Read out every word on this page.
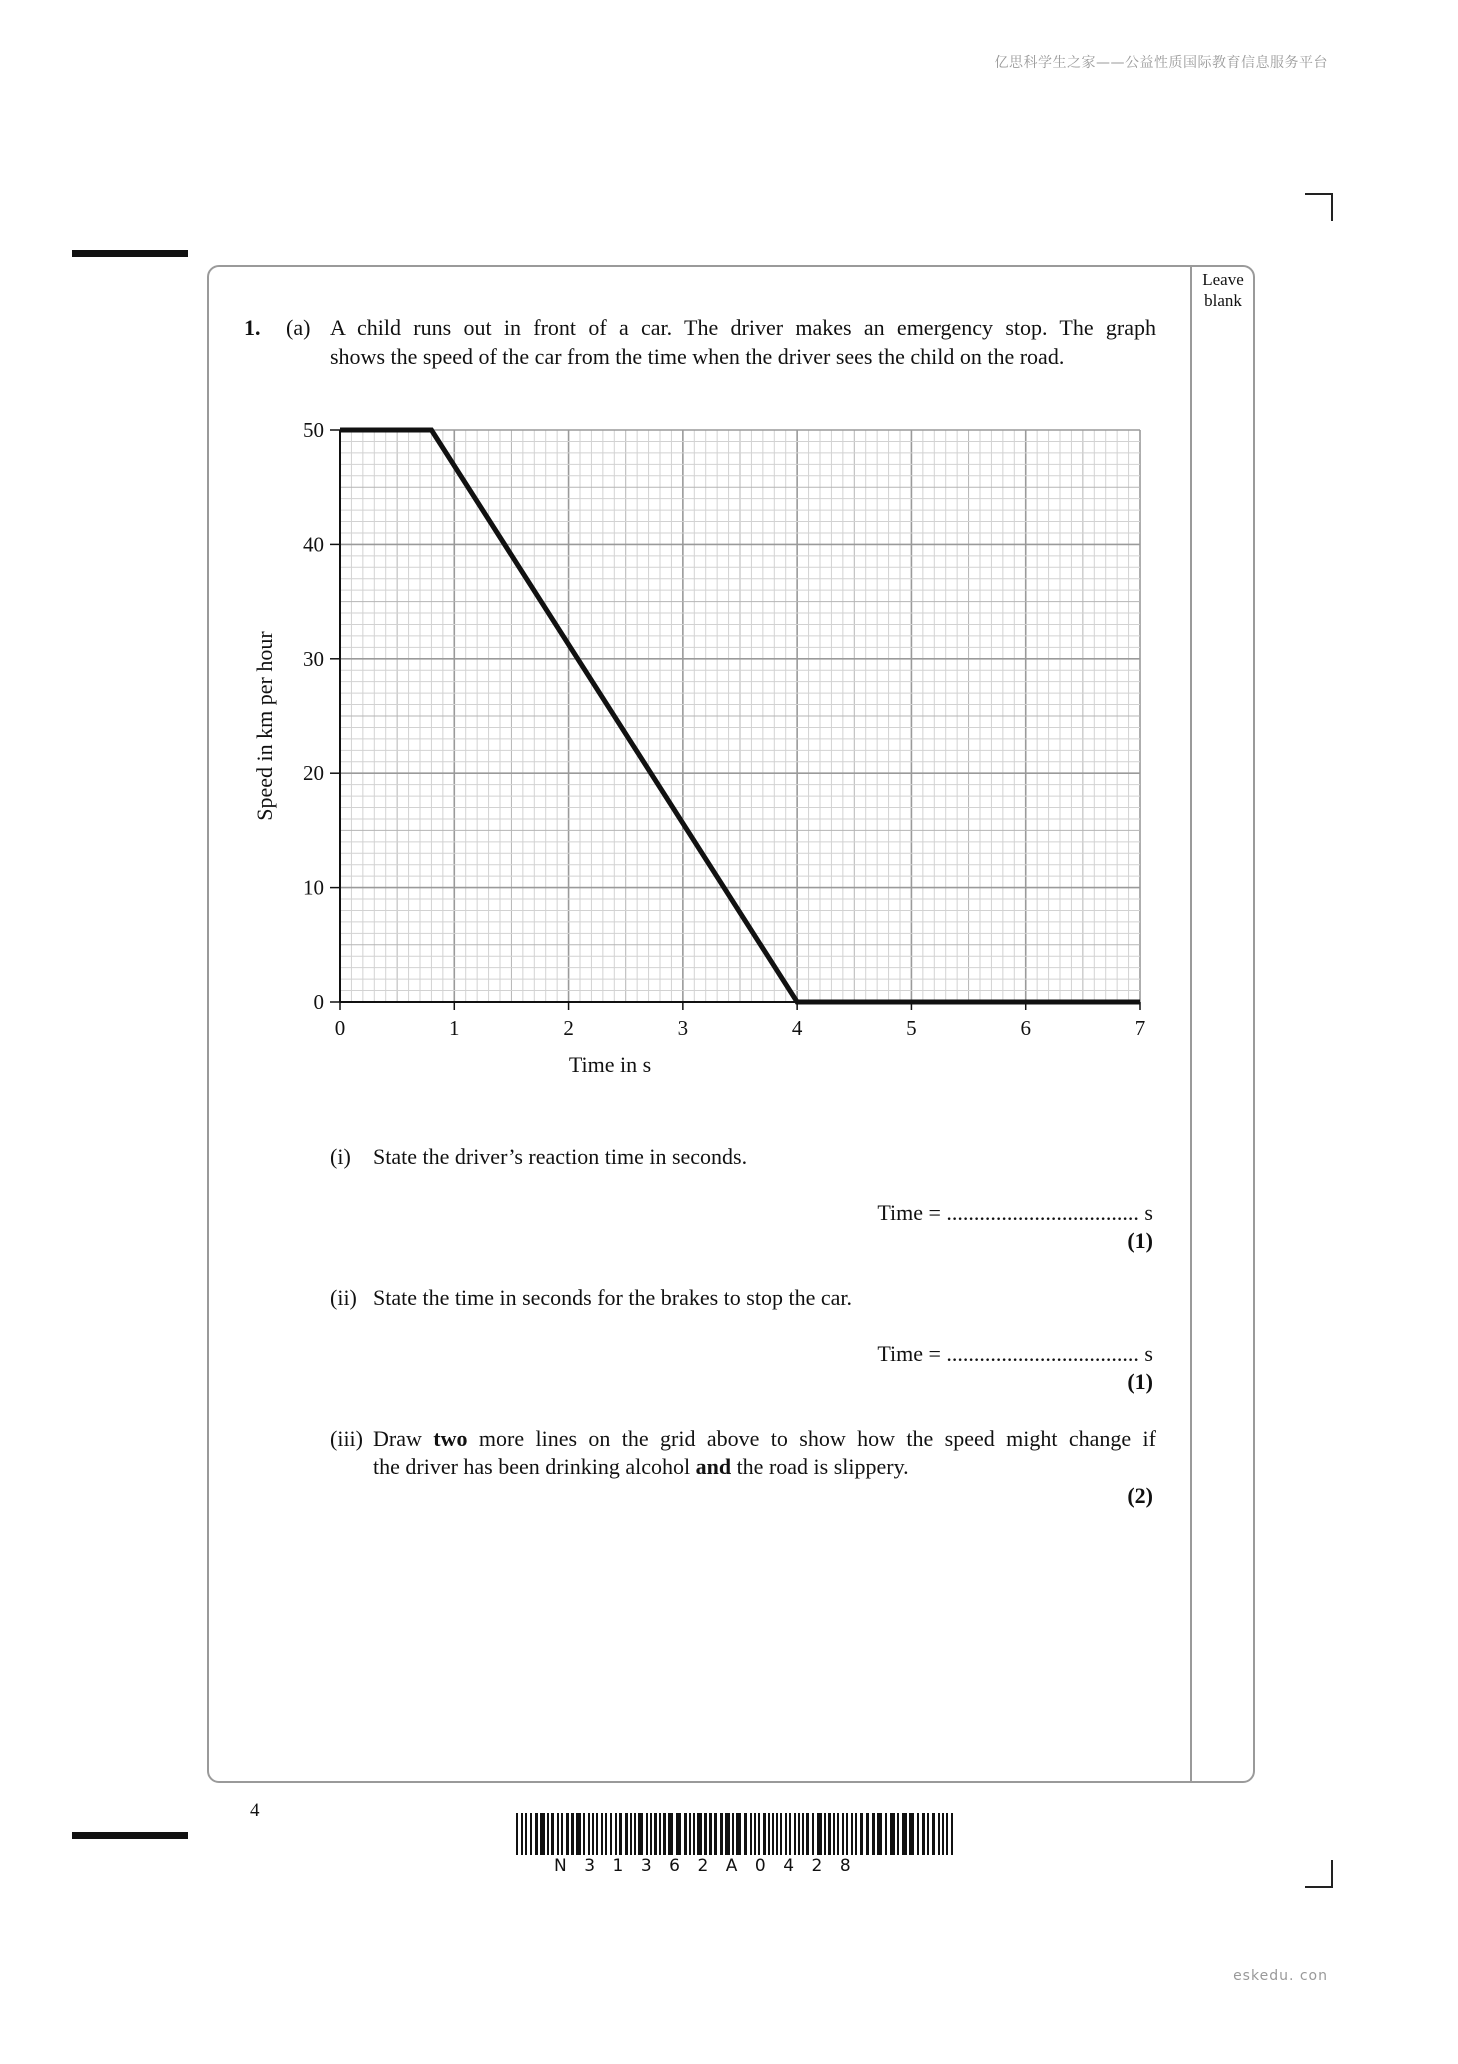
亿思科学生之家——公益性质国际教育信息服务平台
Leave
blank
1. (a) A child runs out in front of a car. The driver makes an emergency stop. The graph
shows the speed of the car from the time when the driver sees the child on the road.
0	1	2	3	4	5	6	7
0
10
20
30
40
50
Time in s
Speed in km per hour
(i) State the driver’s reaction time in seconds.
Time = ................................... s
(1)
(ii) State the time in seconds for the brakes to stop the car.
Time = ................................... s
(1)
(iii) Draw two more lines on the grid above to show how the speed might change if
the driver has been drinking alcohol and the road is slippery.
(2)
4
N31362A0428
eskedu. con
